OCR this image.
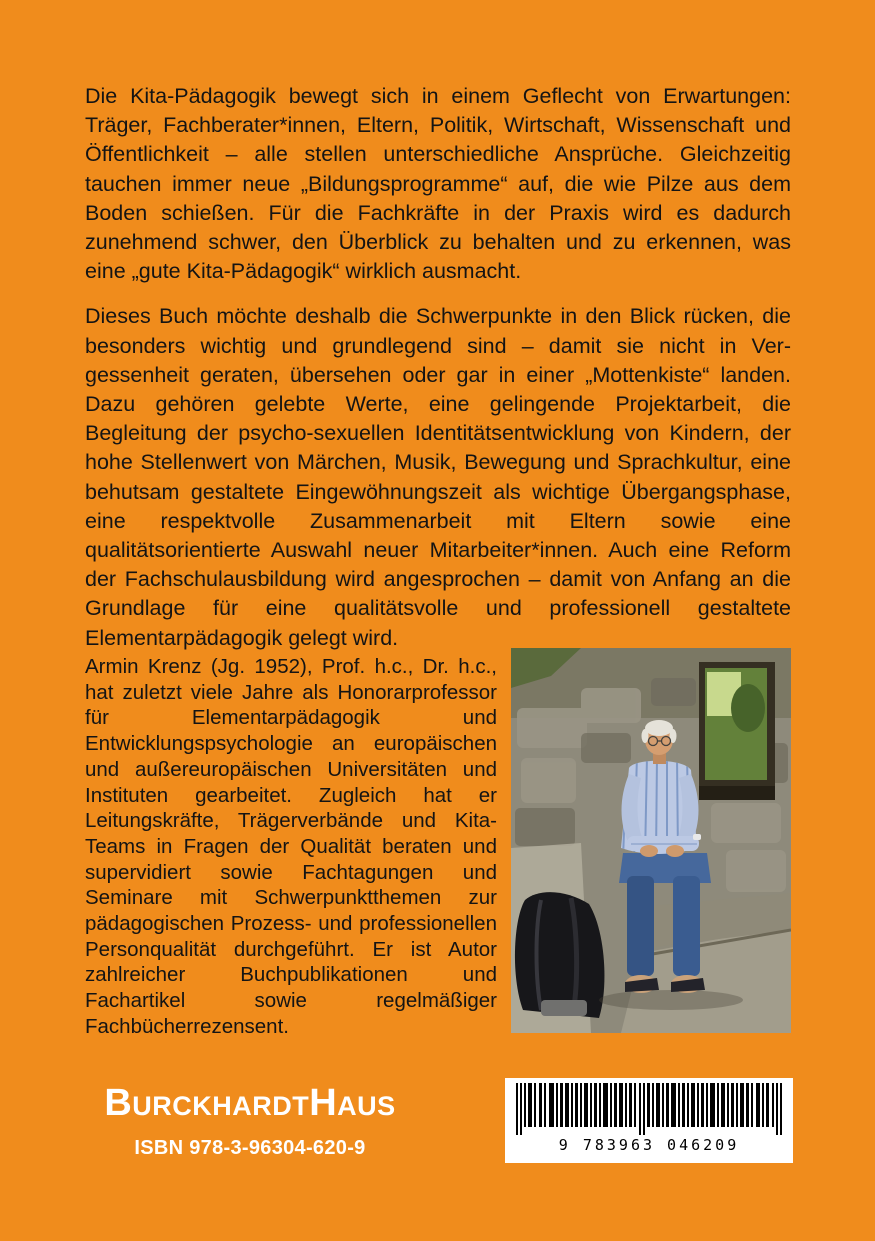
Die Kita-Pädagogik bewegt sich in einem Geflecht von Erwartungen: Träger, Fachberater*innen, Eltern, Politik, Wirtschaft, Wissenschaft und Öffentlichkeit – alle stellen unterschiedliche Ansprüche. Gleichzeitig tauchen immer neue „Bildungsprogramme“ auf, die wie Pilze aus dem Boden schießen. Für die Fachkräfte in der Praxis wird es dadurch zunehmend schwer, den Überblick zu behalten und zu erkennen, was eine „gute Kita-Pädagogik“ wirklich ausmacht.

Dieses Buch möchte deshalb die Schwerpunkte in den Blick rücken, die besonders wichtig und grundlegend sind – damit sie nicht in Vergessenheit geraten, übersehen oder gar in einer „Mottenkiste“ landen. Dazu gehören gelebte Werte, eine gelingende Projektarbeit, die Begleitung der psycho-sexuellen Identitätsentwicklung von Kindern, der hohe Stellenwert von Märchen, Musik, Bewegung und Sprachkultur, eine behutsam gestaltete Eingewöhnungszeit als wichtige Übergangsphase, eine respektvolle Zusammenarbeit mit Eltern sowie eine qualitätsorientierte Auswahl neuer Mitarbeiter*innen. Auch eine Reform der Fachschulausbildung wird angesprochen – damit von Anfang an die Grundlage für eine qualitätsvolle und professionell gestaltete Elementarpädagogik gelegt wird.

Armin Krenz (Jg. 1952), Prof. h.c., Dr. h.c., hat zuletzt viele Jahre als Honorarprofessor für Elementarpädagogik und Entwicklungspsychologie an europäischen und außereuropäischen Universitäten und Instituten gearbeitet. Zugleich hat er Leitungskräfte, Trägerverbände und Kita-Teams in Fragen der Qualität beraten und supervidiert sowie Fachtagungen und Seminare mit Schwerpunktthemen zur pädagogischen Prozess- und professionellen Personqualität durchgeführt. Er ist Autor zahlreicher Buchpublikationen und Fachartikel sowie regelmäßiger Fachbücherrezensent.

BurckhardtHaus
ISBN 978-3-96304-620-9	9 783963 046209
